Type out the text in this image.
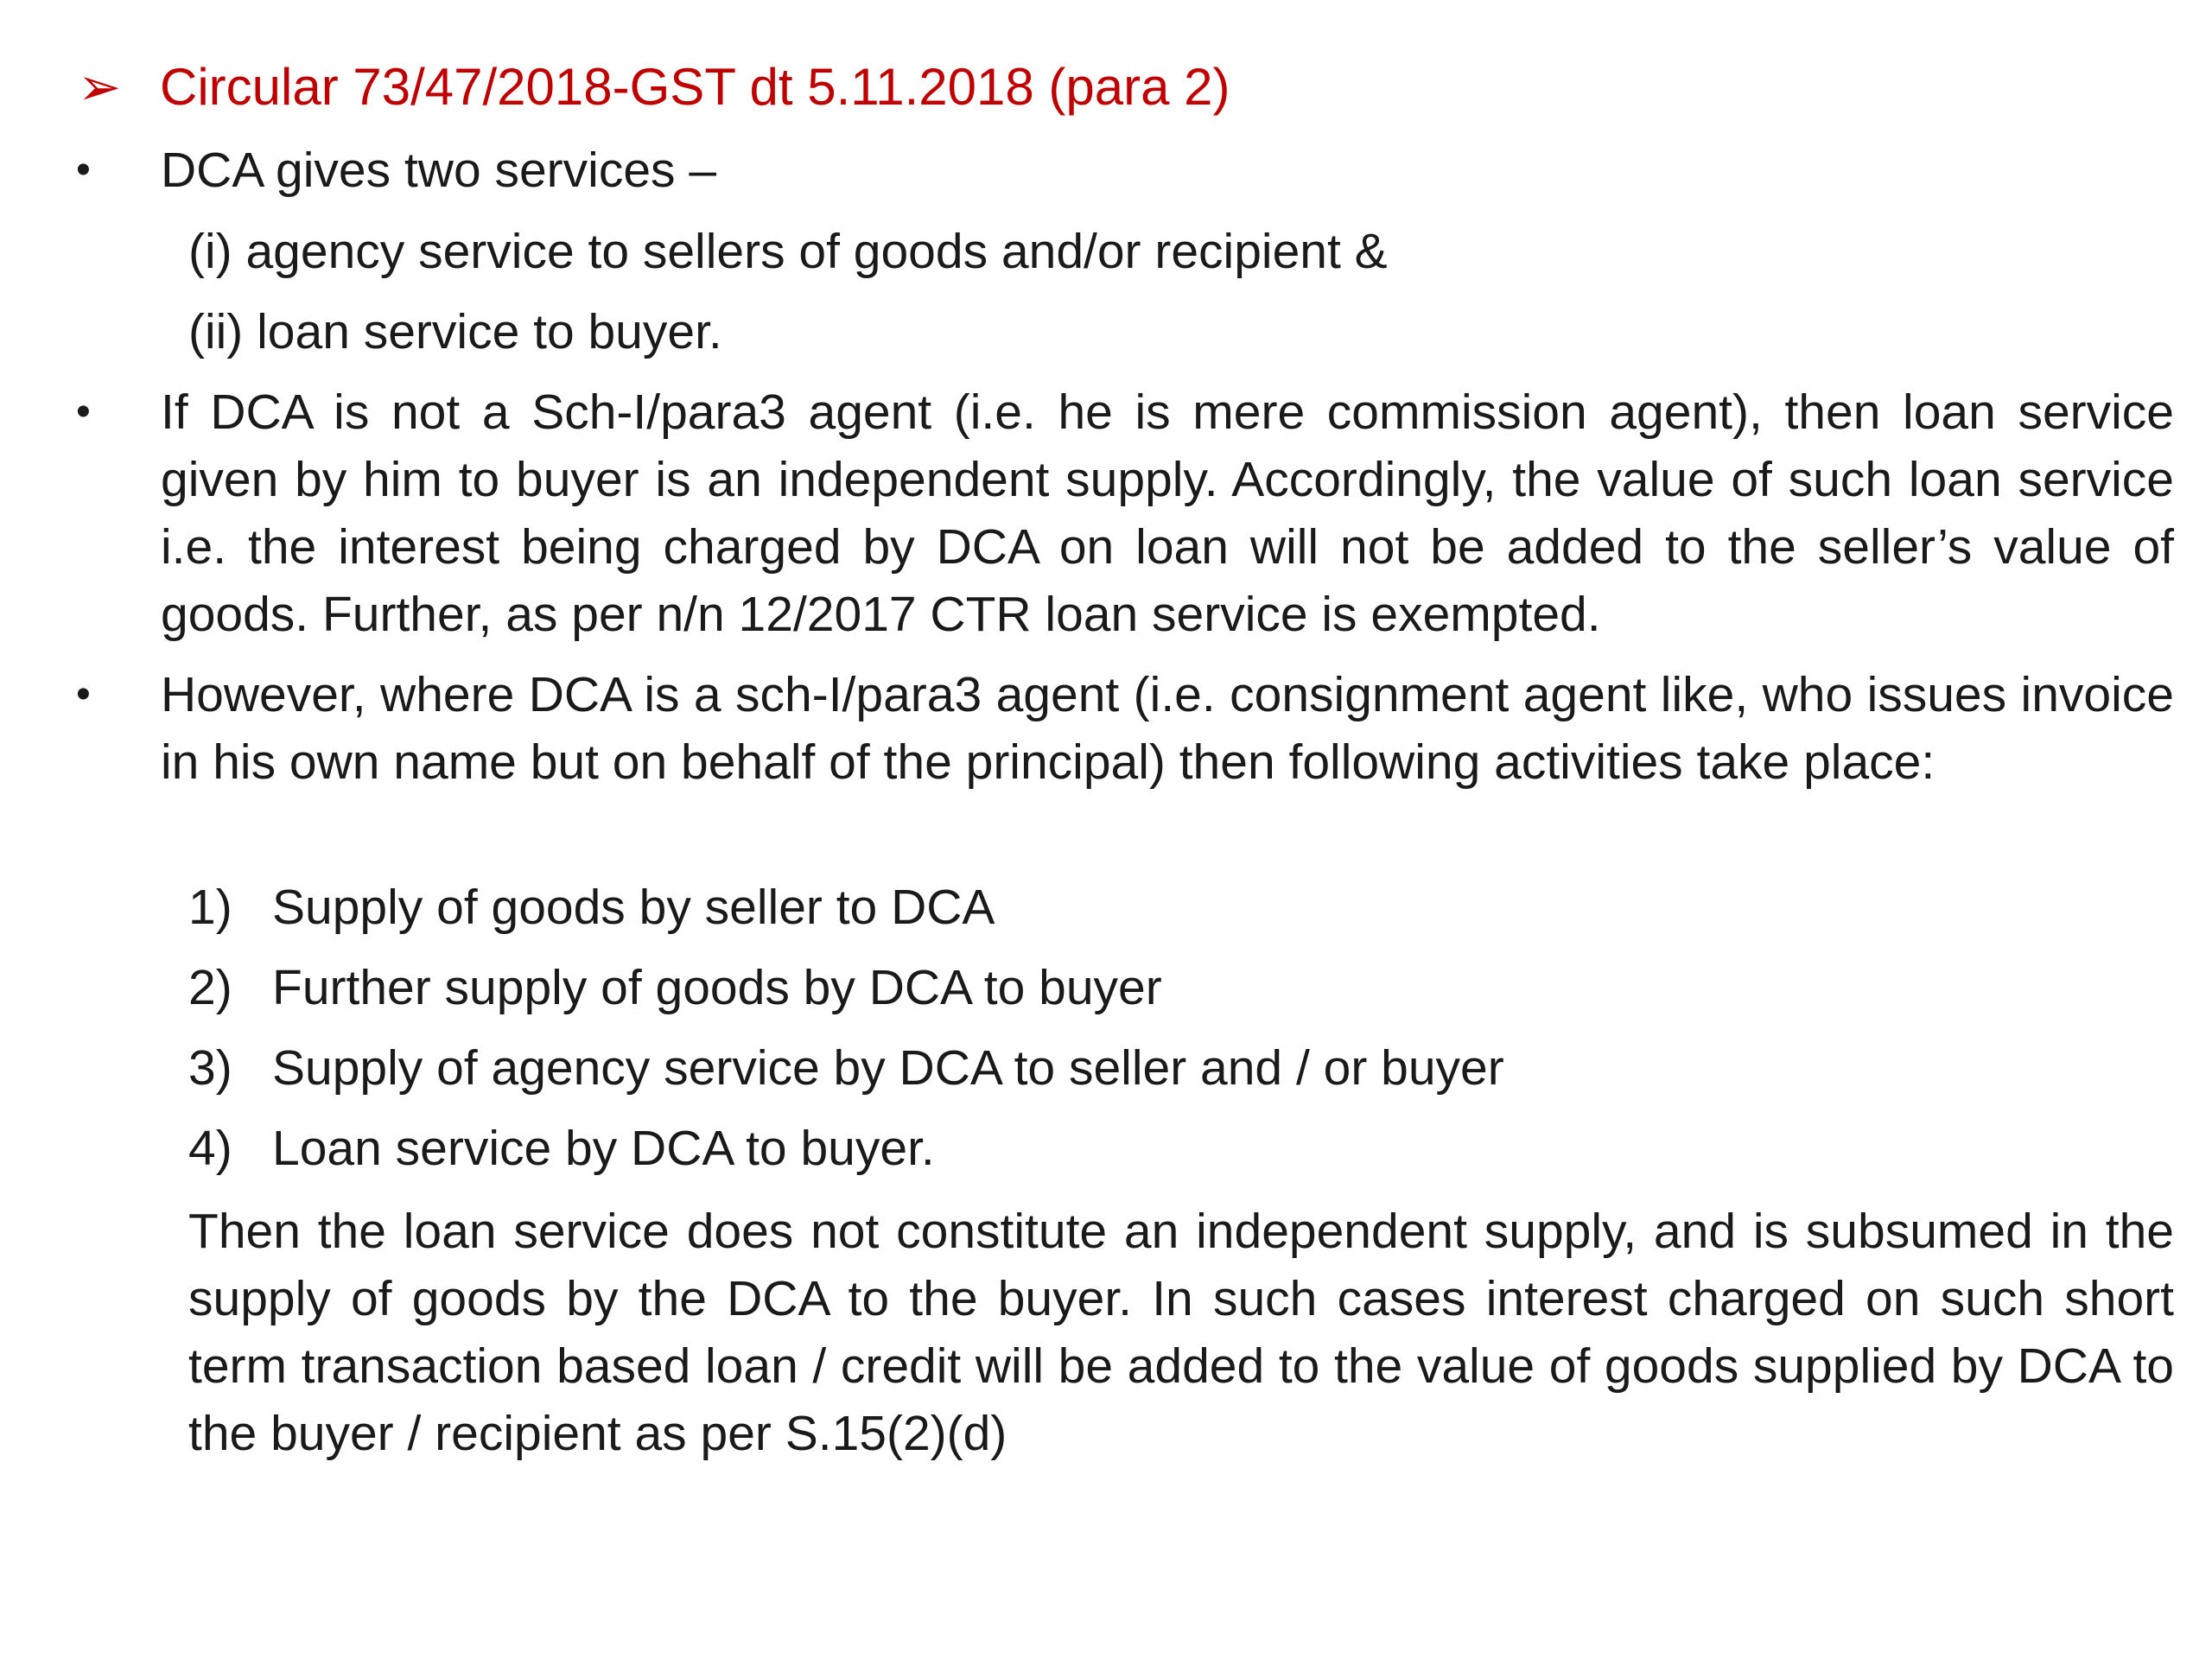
➢ Circular 73/47/2018-GST dt 5.11.2018 (para 2)
• DCA gives two services –
(i) agency service to sellers of goods and/or recipient &
(ii) loan service to buyer.
• If DCA is not a Sch-I/para3 agent (i.e. he is mere commission agent), then loan service given by him to buyer is an independent supply. Accordingly, the value of such loan service i.e. the interest being charged by DCA on loan will not be added to the seller’s value of goods. Further, as per n/n 12/2017 CTR loan service is exempted.
• However, where DCA is a sch-I/para3 agent (i.e. consignment agent like, who issues invoice in his own name but on behalf of the principal) then following activities take place:
1) Supply of goods by seller to DCA
2) Further supply of goods by DCA to buyer
3) Supply of agency service by DCA to seller and / or buyer
4) Loan service by DCA to buyer.
Then the loan service does not constitute an independent supply, and is subsumed in the supply of goods by the DCA to the buyer. In such cases interest charged on such short term transaction based loan / credit will be added to the value of goods supplied by DCA to the buyer / recipient as per S.15(2)(d)
